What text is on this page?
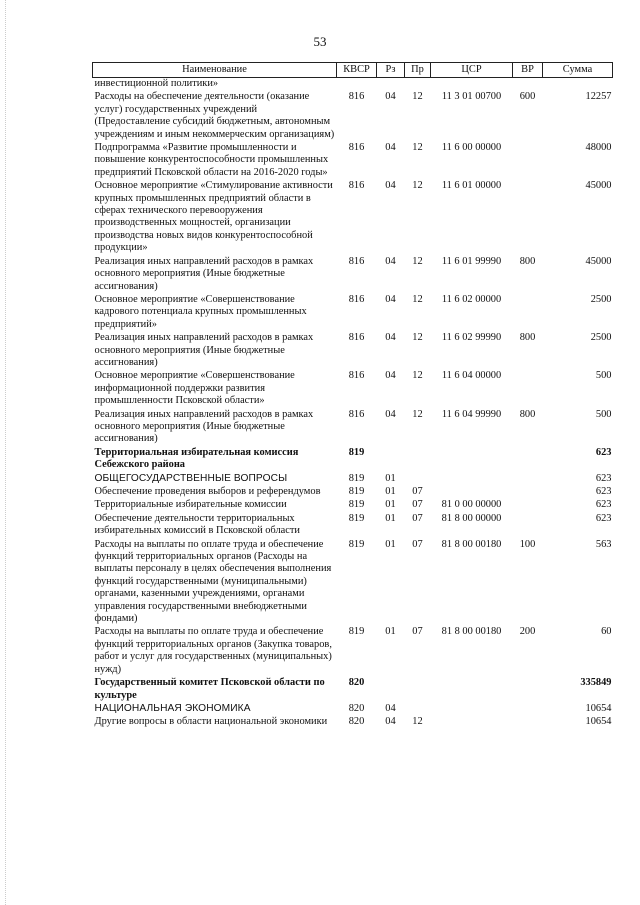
53
Наименование	КВСР	Рз	Пр	ЦСР	ВР	Сумма
инвестиционной политики»						
Расходы на обеспечение деятельности (оказание услуг) государственных учреждений (Предоставление субсидий бюджетным, автономным учреждениям и иным некоммерческим организациям)	816	04	12	11 3 01 00700	600	12257
Подпрограмма «Развитие промышленности и повышение конкурентоспособности промышленных предприятий Псковской области на 2016-2020 годы»	816	04	12	11 6 00 00000		48000
Основное мероприятие «Стимулирование активности крупных промышленных предприятий области в сферах технического перевооружения производственных мощностей, организации производства новых видов конкурентоспособной продукции»	816	04	12	11 6 01 00000		45000
Реализация иных направлений расходов в рамках основного мероприятия (Иные бюджетные ассигнования)	816	04	12	11 6 01 99990	800	45000
Основное мероприятие «Совершенствование кадрового потенциала крупных промышленных предприятий»	816	04	12	11 6 02 00000		2500
Реализация иных направлений расходов в рамках основного мероприятия (Иные бюджетные ассигнования)	816	04	12	11 6 02 99990	800	2500
Основное мероприятие «Совершенствование информационной поддержки развития промышленности Псковской области»	816	04	12	11 6 04 00000		500
Реализация иных направлений расходов в рамках основного мероприятия (Иные бюджетные ассигнования)	816	04	12	11 6 04 99990	800	500
Территориальная избирательная комиссия Себежского района	819					623
ОБЩЕГОСУДАРСТВЕННЫЕ ВОПРОСЫ	819	01				623
Обеспечение проведения выборов и референдумов	819	01	07			623
Территориальные избирательные комиссии	819	01	07	81 0 00 00000		623
Обеспечение деятельности территориальных избирательных комиссий в Псковской области	819	01	07	81 8 00 00000		623
Расходы на выплаты по оплате труда и обеспечение функций территориальных органов (Расходы на выплаты персоналу в целях обеспечения выполнения функций государственными (муниципальными) органами, казенными учреждениями, органами управления государственными внебюджетными фондами)	819	01	07	81 8 00 00180	100	563
Расходы на выплаты по оплате труда и обеспечение функций территориальных органов (Закупка товаров, работ и услуг для государственных (муниципальных) нужд)	819	01	07	81 8 00 00180	200	60
Государственный комитет Псковской области по культуре	820					335849
НАЦИОНАЛЬНАЯ ЭКОНОМИКА	820	04				10654
Другие вопросы в области национальной экономики	820	04	12			10654
